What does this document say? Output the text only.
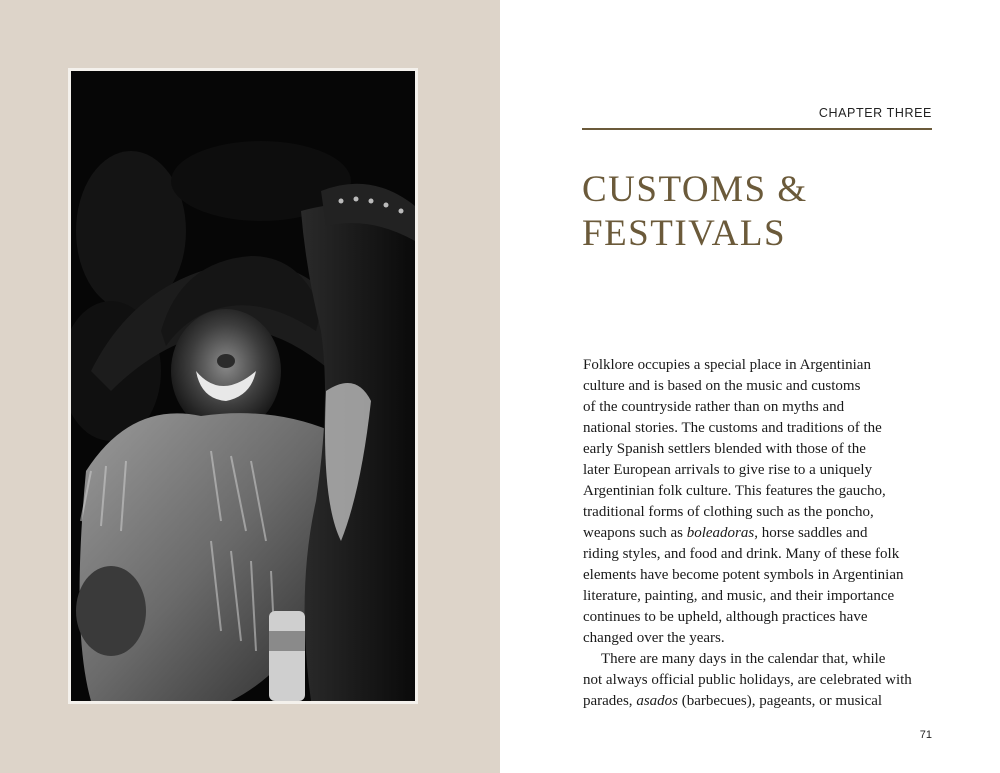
CHAPTER THREE
CUSTOMS &
FESTIVALS
Folklore occupies a special place in Argentinian
culture and is based on the music and customs
of the countryside rather than on myths and
national stories. The customs and traditions of the
early Spanish settlers blended with those of the
later European arrivals to give rise to a uniquely
Argentinian folk culture. This features the gaucho,
traditional forms of clothing such as the poncho,
weapons such as boleadoras, horse saddles and
riding styles, and food and drink. Many of these folk
elements have become potent symbols in Argentinian
literature, painting, and music, and their importance
continues to be upheld, although practices have
changed over the years.
There are many days in the calendar that, while
not always official public holidays, are celebrated with
parades, asados (barbecues), pageants, or musical
71
